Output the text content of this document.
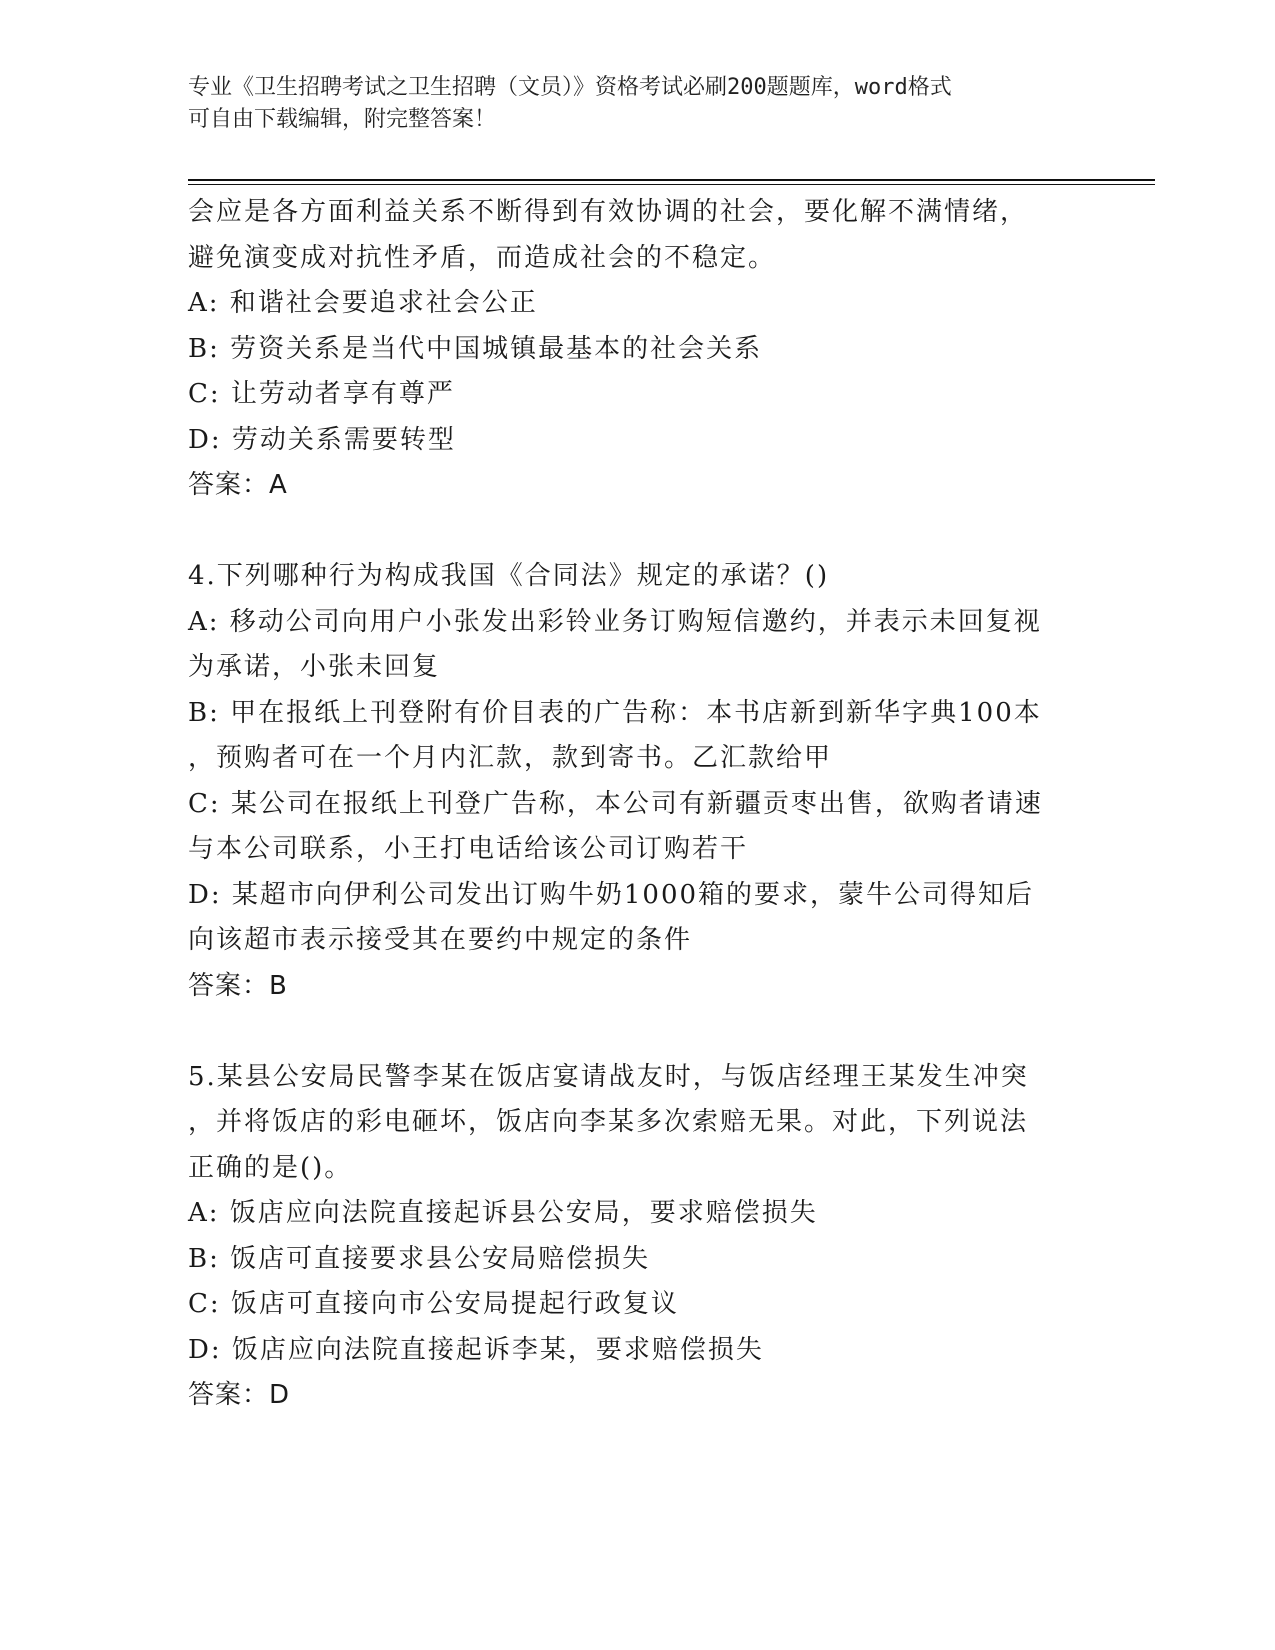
专业《卫生招聘考试之卫生招聘（文员）》资格考试必刷200题题库，word格式
可自由下载编辑，附完整答案！
会应是各方面利益关系不断得到有效协调的社会，要化解不满情绪，
避免演变成对抗性矛盾，而造成社会的不稳定。
A: 和谐社会要追求社会公正
B: 劳资关系是当代中国城镇最基本的社会关系
C: 让劳动者享有尊严
D: 劳动关系需要转型
答案：A
4.下列哪种行为构成我国《合同法》规定的承诺？()
A: 移动公司向用户小张发出彩铃业务订购短信邀约，并表示未回复视
为承诺，小张未回复
B: 甲在报纸上刊登附有价目表的广告称：本书店新到新华字典100本
，预购者可在一个月内汇款，款到寄书。乙汇款给甲
C: 某公司在报纸上刊登广告称，本公司有新疆贡枣出售，欲购者请速
与本公司联系，小王打电话给该公司订购若干
D: 某超市向伊利公司发出订购牛奶1000箱的要求，蒙牛公司得知后
向该超市表示接受其在要约中规定的条件
答案：B
5.某县公安局民警李某在饭店宴请战友时，与饭店经理王某发生冲突
，并将饭店的彩电砸坏，饭店向李某多次索赔无果。对此，下列说法
正确的是()。
A: 饭店应向法院直接起诉县公安局，要求赔偿损失
B: 饭店可直接要求县公安局赔偿损失
C: 饭店可直接向市公安局提起行政复议
D: 饭店应向法院直接起诉李某，要求赔偿损失
答案：D
